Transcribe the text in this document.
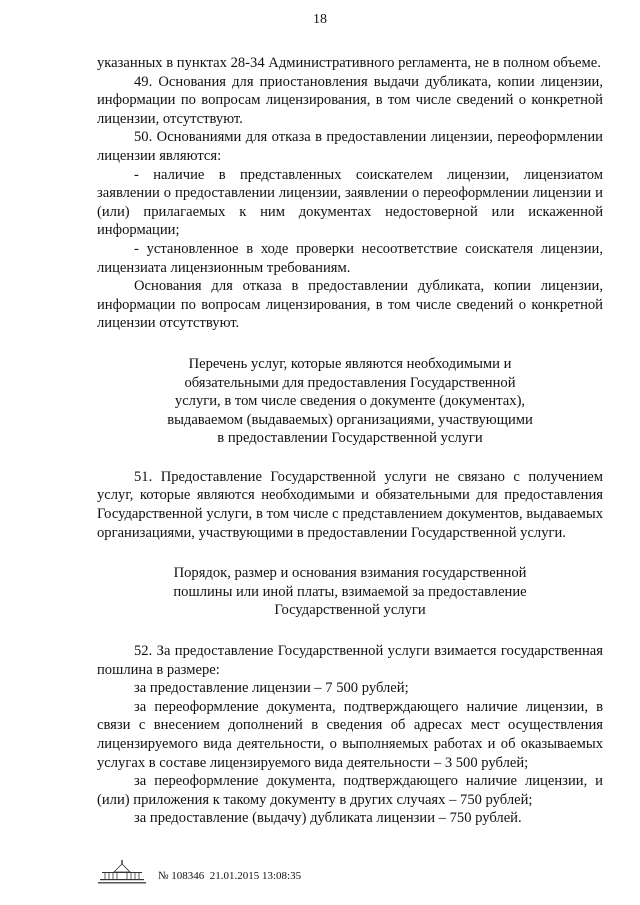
18

указанных в пунктах 28-34 Административного регламента, не в полном объеме.

49. Основания для приостановления выдачи дубликата, копии лицензии, информации по вопросам лицензирования, в том числе сведений о конкретной лицензии, отсутствуют.

50. Основаниями для отказа в предоставлении лицензии, переоформлении лицензии являются:

- наличие в представленных соискателем лицензии, лицензиатом заявлении о предоставлении лицензии, заявлении о переоформлении лицензии и (или) прилагаемых к ним документах недостоверной или искаженной информации;

- установленное в ходе проверки несоответствие соискателя лицензии, лицензиата лицензионным требованиям.

Основания для отказа в предоставлении дубликата, копии лицензии, информации по вопросам лицензирования, в том числе сведений о конкретной лицензии отсутствуют.

Перечень услуг, которые являются необходимыми и
обязательными для предоставления Государственной
услуги, в том числе сведения о документе (документах),
выдаваемом (выдаваемых) организациями, участвующими
в предоставлении Государственной услуги

51. Предоставление Государственной услуги не связано с получением услуг, которые являются необходимыми и обязательными для предоставления Государственной услуги, в том числе с представлением документов, выдаваемых организациями, участвующими в предоставлении Государственной услуги.

Порядок, размер и основания взимания государственной
пошлины или иной платы, взимаемой за предоставление
Государственной услуги

52. За предоставление Государственной услуги взимается государственная пошлина в размере:

за предоставление лицензии – 7 500 рублей;

за переоформление документа, подтверждающего наличие лицензии, в связи с внесением дополнений в сведения об адресах мест осуществления лицензируемого вида деятельности, о выполняемых работах и об оказываемых услугах в составе лицензируемого вида деятельности – 3 500 рублей;

за переоформление документа, подтверждающего наличие лицензии, и (или) приложения к такому документу в других случаях – 750 рублей;

за предоставление (выдачу) дубликата лицензии – 750 рублей.

№ 108346 21.01.2015 13:08:35
